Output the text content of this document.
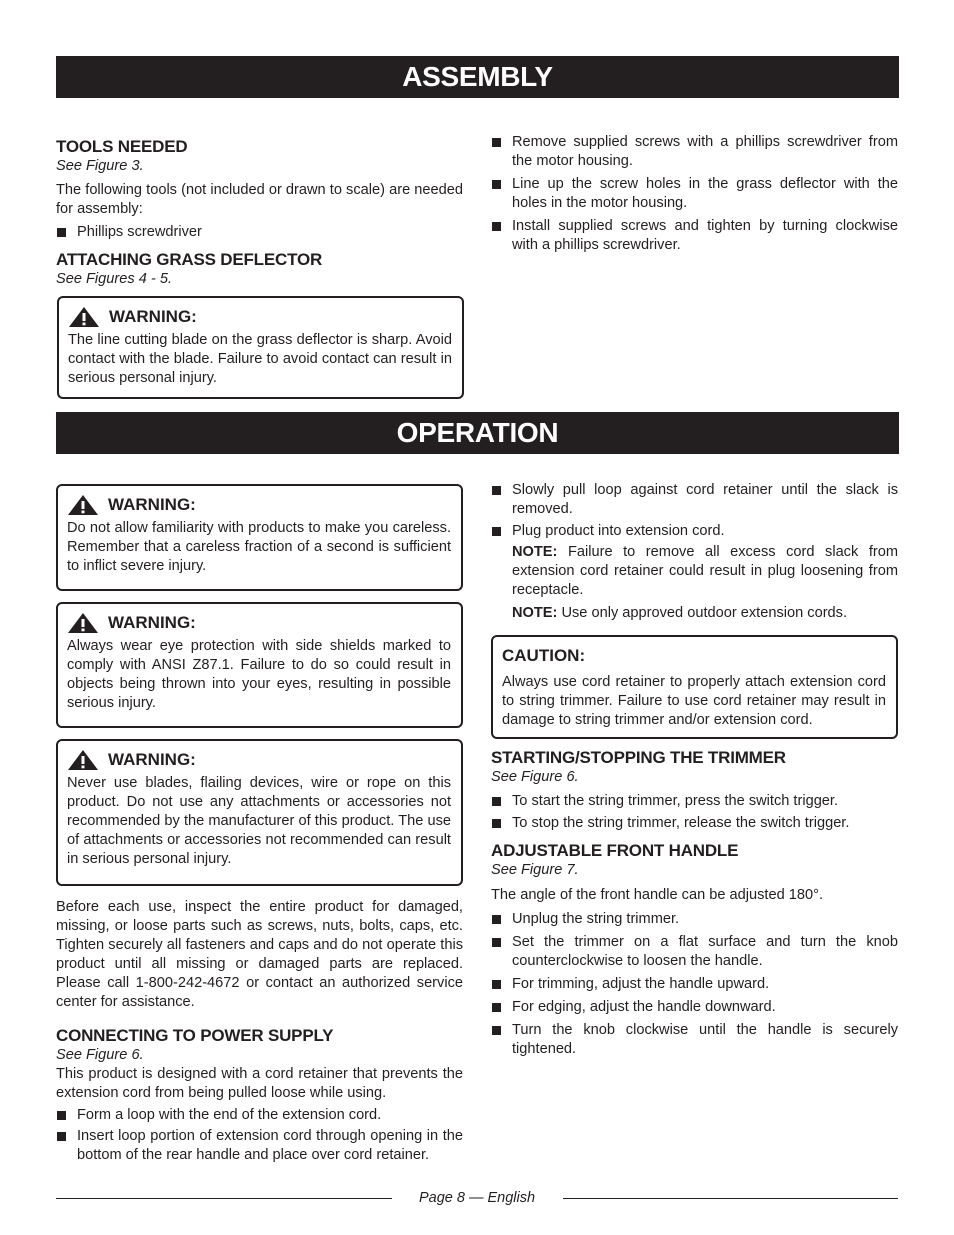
ASSEMBLY
TOOLS NEEDED
See Figure 3.

The following tools (not included or drawn to scale) are needed for assembly:

Phillips screwdriver
ATTACHING GRASS DEFLECTOR
See Figures 4 - 5.
WARNING:

The line cutting blade on the grass deflector is sharp. Avoid contact with the blade. Failure to avoid contact can result in serious personal injury.

Remove supplied screws with a phillips screwdriver from the motor housing.
Line up the screw holes in the grass deflector with the holes in the motor housing.
Install supplied screws and tighten by turning clockwise with a phillips screwdriver.
OPERATION
WARNING:

Do not allow familiarity with products to make you careless. Remember that a careless fraction of a second is sufficient to inflict severe injury.

WARNING:

Always wear eye protection with side shields marked to comply with ANSI Z87.1. Failure to do so could result in objects being thrown into your eyes, resulting in possible serious injury.

WARNING:

Never use blades, flailing devices, wire or rope on this product. Do not use any attachments or accessories not recommended by the manufacturer of this product. The use of attachments or accessories not recommended can result in serious personal injury.

Before each use, inspect the entire product for damaged, missing, or loose parts such as screws, nuts, bolts, caps, etc. Tighten securely all fasteners and caps and do not operate this product until all missing or damaged parts are replaced. Please call 1-800-242-4672 or contact an authorized service center for assistance.

CONNECTING TO POWER SUPPLY
See Figure 6.

This product is designed with a cord retainer that prevents the extension cord from being pulled loose while using.

Form a loop with the end of the extension cord.
Insert loop portion of extension cord through opening in the bottom of the rear handle and place over cord retainer.
Slowly pull loop against cord retainer until the slack is removed.
Plug product into extension cord.

NOTE: Failure to remove all excess cord slack from extension cord retainer could result in plug loosening from receptacle.

NOTE: Use only approved outdoor extension cords.

CAUTION:

Always use cord retainer to properly attach extension cord to string trimmer. Failure to use cord retainer may result in damage to string trimmer and/or extension cord.

STARTING/STOPPING THE TRIMMER
See Figure 6.
To start the string trimmer, press the switch trigger.
To stop the string trimmer, release the switch trigger.
ADJUSTABLE FRONT HANDLE
See Figure 7.

The angle of the front handle can be adjusted 180°.

Unplug the string trimmer.
Set the trimmer on a flat surface and turn the knob counterclockwise to loosen the handle.
For trimming, adjust the handle upward.
For edging, adjust the handle downward.
Turn the knob clockwise until the handle is securely tightened.
Page 8 — English
